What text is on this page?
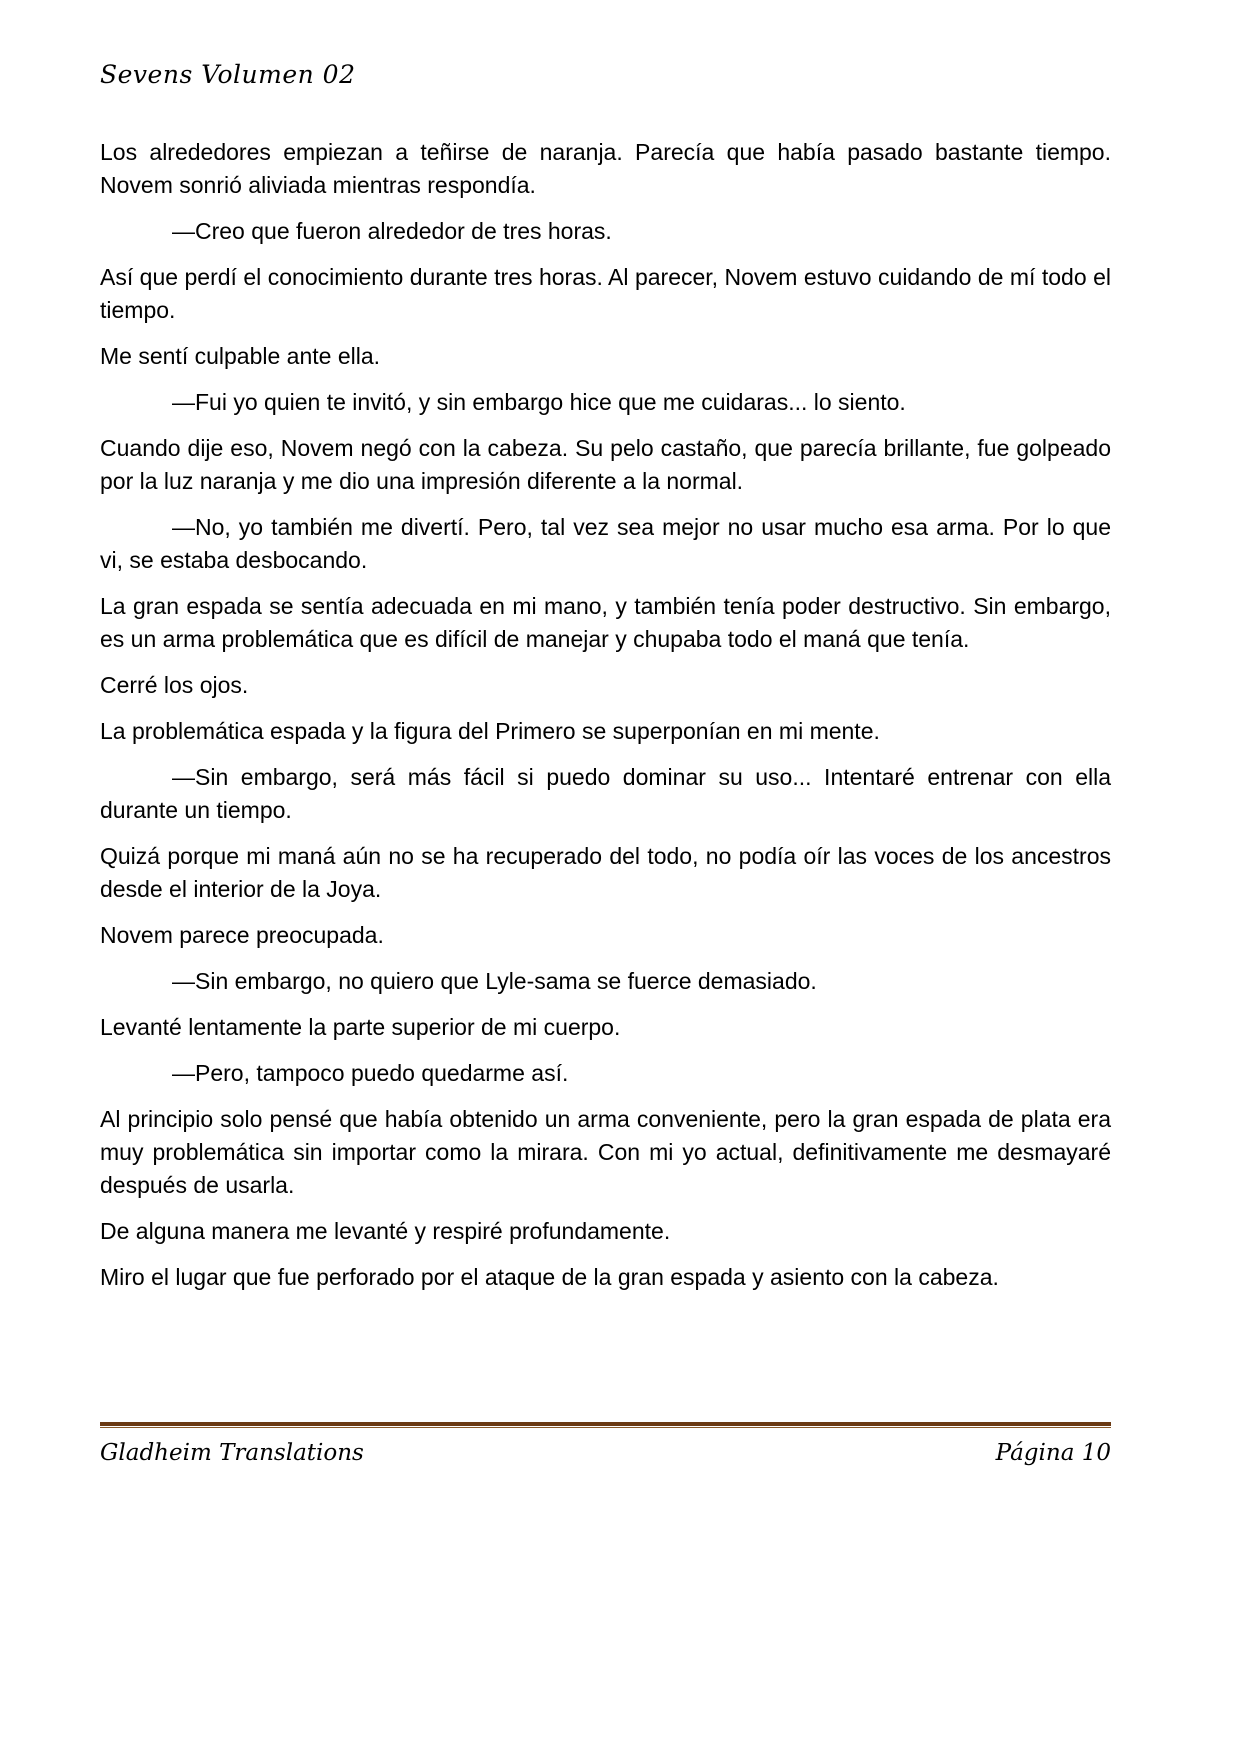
Sevens Volumen 02

Los alrededores empiezan a teñirse de naranja. Parecía que había pasado bastante tiempo. Novem sonrió aliviada mientras respondía.

—Creo que fueron alrededor de tres horas.

Así que perdí el conocimiento durante tres horas. Al parecer, Novem estuvo cuidando de mí todo el tiempo.

Me sentí culpable ante ella.

—Fui yo quien te invitó, y sin embargo hice que me cuidaras... lo siento.

Cuando dije eso, Novem negó con la cabeza. Su pelo castaño, que parecía brillante, fue golpeado por la luz naranja y me dio una impresión diferente a la normal.

—No, yo también me divertí. Pero, tal vez sea mejor no usar mucho esa arma. Por lo que vi, se estaba desbocando.

La gran espada se sentía adecuada en mi mano, y también tenía poder destructivo. Sin embargo, es un arma problemática que es difícil de manejar y chupaba todo el maná que tenía.

Cerré los ojos.

La problemática espada y la figura del Primero se superponían en mi mente.

—Sin embargo, será más fácil si puedo dominar su uso... Intentaré entrenar con ella durante un tiempo.

Quizá porque mi maná aún no se ha recuperado del todo, no podía oír las voces de los ancestros desde el interior de la Joya.

Novem parece preocupada.

—Sin embargo, no quiero que Lyle-sama se fuerce demasiado.

Levanté lentamente la parte superior de mi cuerpo.

—Pero, tampoco puedo quedarme así.

Al principio solo pensé que había obtenido un arma conveniente, pero la gran espada de plata era muy problemática sin importar como la mirara. Con mi yo actual, definitivamente me desmayaré después de usarla.

De alguna manera me levanté y respiré profundamente.

Miro el lugar que fue perforado por el ataque de la gran espada y asiento con la cabeza.

Gladheim Translations	Página 10
